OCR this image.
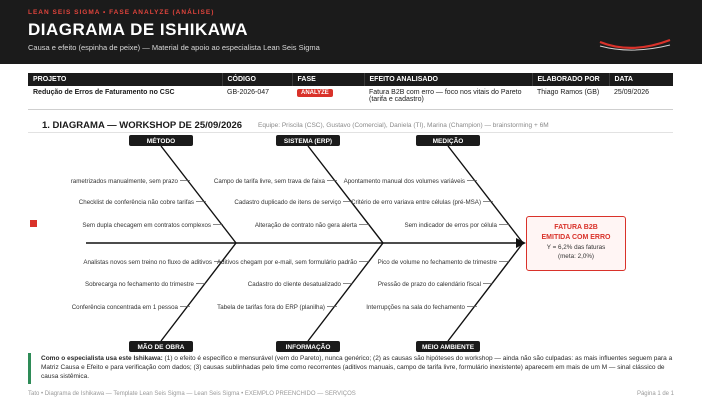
LEAN SEIS SIGMA • FASE ANALYZE (ANÁLISE)
DIAGRAMA DE ISHIKAWA
Causa e efeito (espinha de peixe) — Material de apoio ao especialista Lean Seis Sigma
PROJETO	CÓDIGO	FASE	EFEITO ANALISADO	ELABORADO POR	DATA
Redução de Erros de Faturamento no CSC	GB-2026-047	ANALYZE	Fatura B2B com erro — foco nos vitais do Pareto (tarifa e cadastro)	Thiago Ramos (GB)	25/09/2026
1. DIAGRAMA — WORKSHOP DE 25/09/2026 Equipe: Priscila (CSC), Gustavo (Comercial), Daniela (TI), Marina (Champion) — brainstorming + 6M
MÉTODO	SISTEMA (ERP)	MEDIÇÃO
MÃO DE OBRA	INFORMAÇÃO	MEIO AMBIENTE
rametrizados manualmente, sem prazo
Checklist de conferência não cobre tarifas
Sem dupla checagem em contratos complexos
Campo de tarifa livre, sem trava de faixa
Cadastro duplicado de itens de serviço
Alteração de contrato não gera alerta
Apontamento manual dos volumes variáveis
Critério de erro variava entre células (pré-MSA)
Sem indicador de erros por célula
Analistas novos sem treino no fluxo de aditivos
Sobrecarga no fechamento do trimestre
Conferência concentrada em 1 pessoa
Aditivos chegam por e-mail, sem formulário padrão
Cadastro do cliente desatualizado
Tabela de tarifas fora do ERP (planilha)
Pico de volume no fechamento de trimestre
Pressão de prazo do calendário fiscal
Interrupções na sala do fechamento
FATURA B2B
EMITIDA COM ERRO
Y = 6,2% das faturas
(meta: 2,0%)
Como o especialista usa este Ishikawa: (1) o efeito é específico e mensurável (vem do Pareto), nunca genérico; (2) as causas são hipóteses do workshop — ainda não são culpadas: as mais influentes seguem para a Matriz Causa e Efeito e para verificação com dados; (3) causas sublinhadas pelo time como recorrentes (aditivos manuais, campo de tarifa livre, formulário inexistente) aparecem em mais de um M — sinal clássico de causa sistêmica.
Tato • Diagrama de Ishikawa — Template Lean Seis Sigma — Lean Seis Sigma • EXEMPLO PREENCHIDO — SERVIÇOS	Página 1 de 1
